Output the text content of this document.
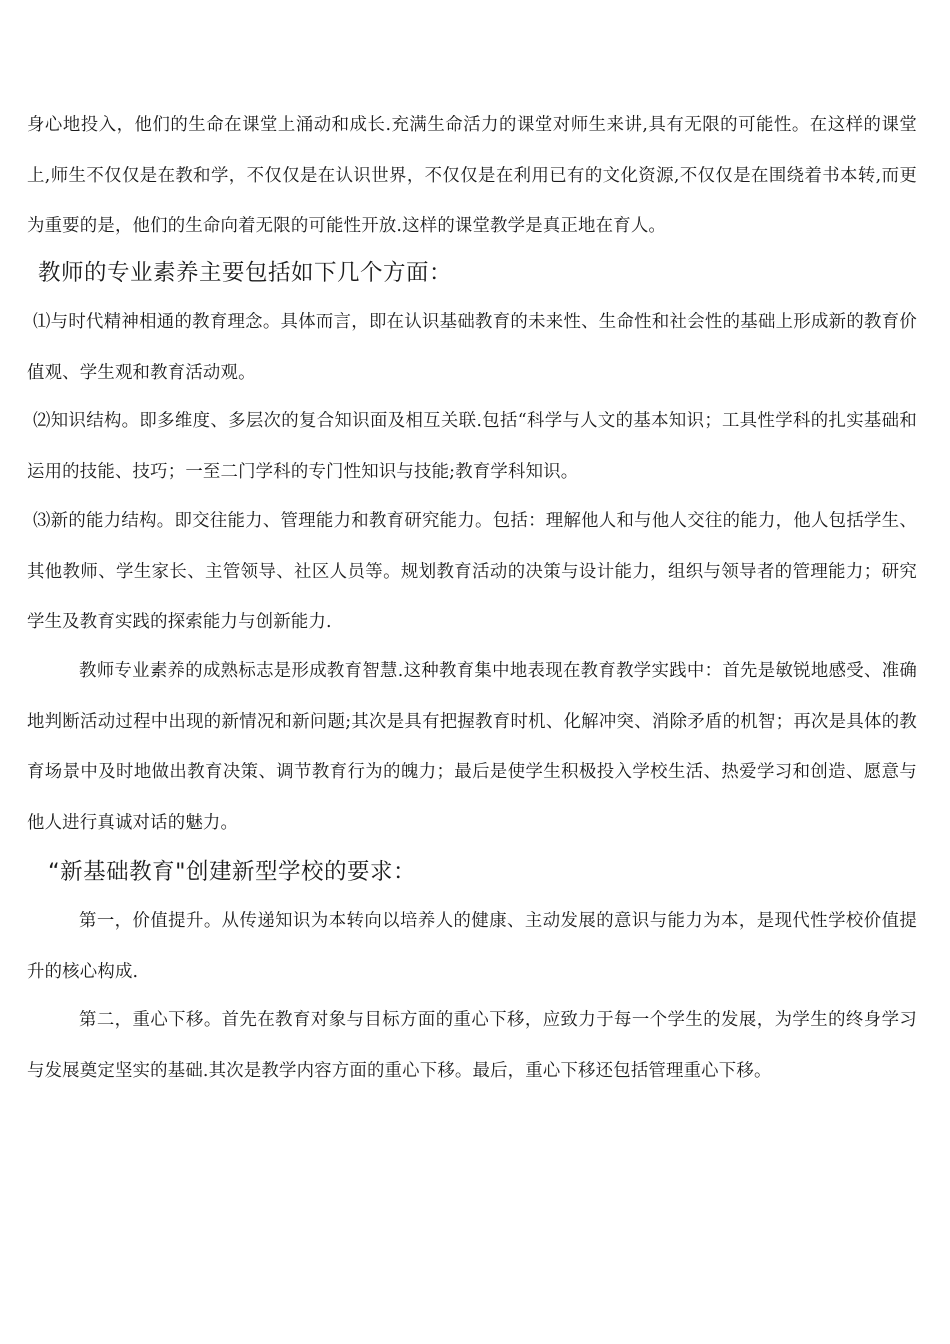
身心地投入，他们的生命在课堂上涌动和成长.充满生命活力的课堂对师生来讲,具有无限的可能性。在这样的课堂上,师生不仅仅是在教和学，不仅仅是在认识世界，不仅仅是在利用已有的文化资源,不仅仅是在围绕着书本转,而更为重要的是，他们的生命向着无限的可能性开放.这样的课堂教学是真正地在育人。

教师的专业素养主要包括如下几个方面：

⑴与时代精神相通的教育理念。具体而言，即在认识基础教育的未来性、生命性和社会性的基础上形成新的教育价值观、学生观和教育活动观。

⑵知识结构。即多维度、多层次的复合知识面及相互关联.包括“科学与人文的基本知识；工具性学科的扎实基础和运用的技能、技巧；一至二门学科的专门性知识与技能;教育学科知识。

⑶新的能力结构。即交往能力、管理能力和教育研究能力。包括：理解他人和与他人交往的能力，他人包括学生、其他教师、学生家长、主管领导、社区人员等。规划教育活动的决策与设计能力，组织与领导者的管理能力；研究学生及教育实践的探索能力与创新能力.

教师专业素养的成熟标志是形成教育智慧.这种教育集中地表现在教育教学实践中：首先是敏锐地感受、准确地判断活动过程中出现的新情况和新问题;其次是具有把握教育时机、化解冲突、消除矛盾的机智；再次是具体的教育场景中及时地做出教育决策、调节教育行为的魄力；最后是使学生积极投入学校生活、热爱学习和创造、愿意与他人进行真诚对话的魅力。

“新基础教育"创建新型学校的要求：

第一，价值提升。从传递知识为本转向以培养人的健康、主动发展的意识与能力为本，是现代性学校价值提升的核心构成.

第二，重心下移。首先在教育对象与目标方面的重心下移，应致力于每一个学生的发展，为学生的终身学习与发展奠定坚实的基础.其次是教学内容方面的重心下移。最后，重心下移还包括管理重心下移。
